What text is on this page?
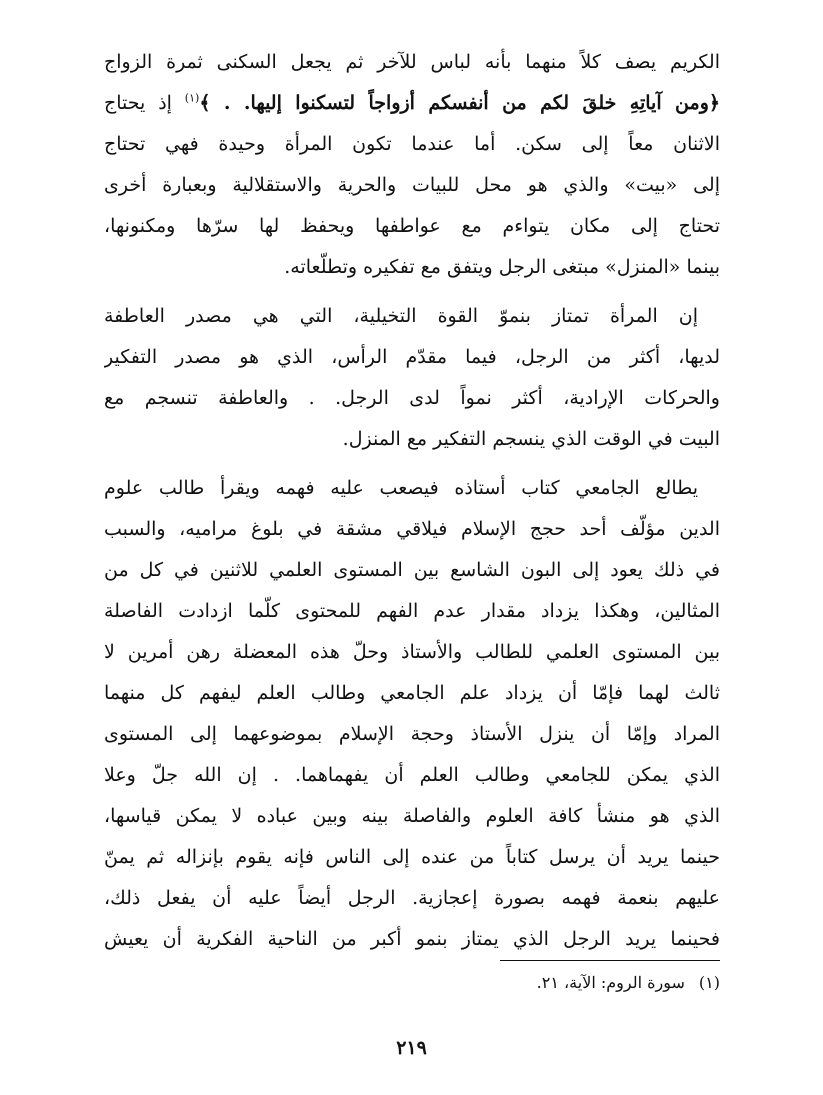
الكريم يصف كلاً منهما بأنه لباس للآخر ثم يجعل السكنى ثمرة الزواج
﴿ومن آياتِهِ خلقَ لكم من أنفسكم أزواجاً لتسكنوا إليها. . ﴾$^{(١)}$ إذ يحتاج
الاثنان معاً إلى سكن. أما عندما تكون المرأة وحيدة فهي تحتاج
إلى «بيت» والذي هو محل للبيات والحرية والاستقلالية وبعبارة أخرى
تحتاج إلى مكان يتواءم مع عواطفها ويحفظ لها سرّها ومكنونها،
بينما «المنزل» مبتغى الرجل ويتفق مع تفكيره وتطلّعاته.
إن المرأة تمتاز بنموّ القوة التخيلية، التي هي مصدر العاطفة
لديها، أكثر من الرجل، فيما مقدّم الرأس، الذي هو مصدر التفكير
والحركات الإرادية، أكثر نمواً لدى الرجل. . والعاطفة تنسجم مع
البيت في الوقت الذي ينسجم التفكير مع المنزل.
يطالع الجامعي كتاب أستاذه فيصعب عليه فهمه ويقرأ طالب علوم
الدين مؤلّف أحد حجج الإسلام فيلاقي مشقة في بلوغ مراميه، والسبب
في ذلك يعود إلى البون الشاسع بين المستوى العلمي للاثنين في كل من
المثالين، وهكذا يزداد مقدار عدم الفهم للمحتوى كلّما ازدادت الفاصلة
بين المستوى العلمي للطالب والأستاذ وحلّ هذه المعضلة رهن أمرين لا
ثالث لهما فإمّا أن يزداد علم الجامعي وطالب العلم ليفهم كل منهما
المراد وإمّا أن ينزل الأستاذ وحجة الإسلام بموضوعهما إلى المستوى
الذي يمكن للجامعي وطالب العلم أن يفهماهما. . إن الله جلّ وعلا
الذي هو منشأ كافة العلوم والفاصلة بينه وبين عباده لا يمكن قياسها،
حينما يريد أن يرسل كتاباً من عنده إلى الناس فإنه يقوم بإنزاله ثم يمنّ
عليهم بنعمة فهمه بصورة إعجازية. الرجل أيضاً عليه أن يفعل ذلك،
فحينما يريد الرجل الذي يمتاز بنمو أكبر من الناحية الفكرية أن يعيش
(١)سورة الروم: الآية، ٢١.
٢١٩
